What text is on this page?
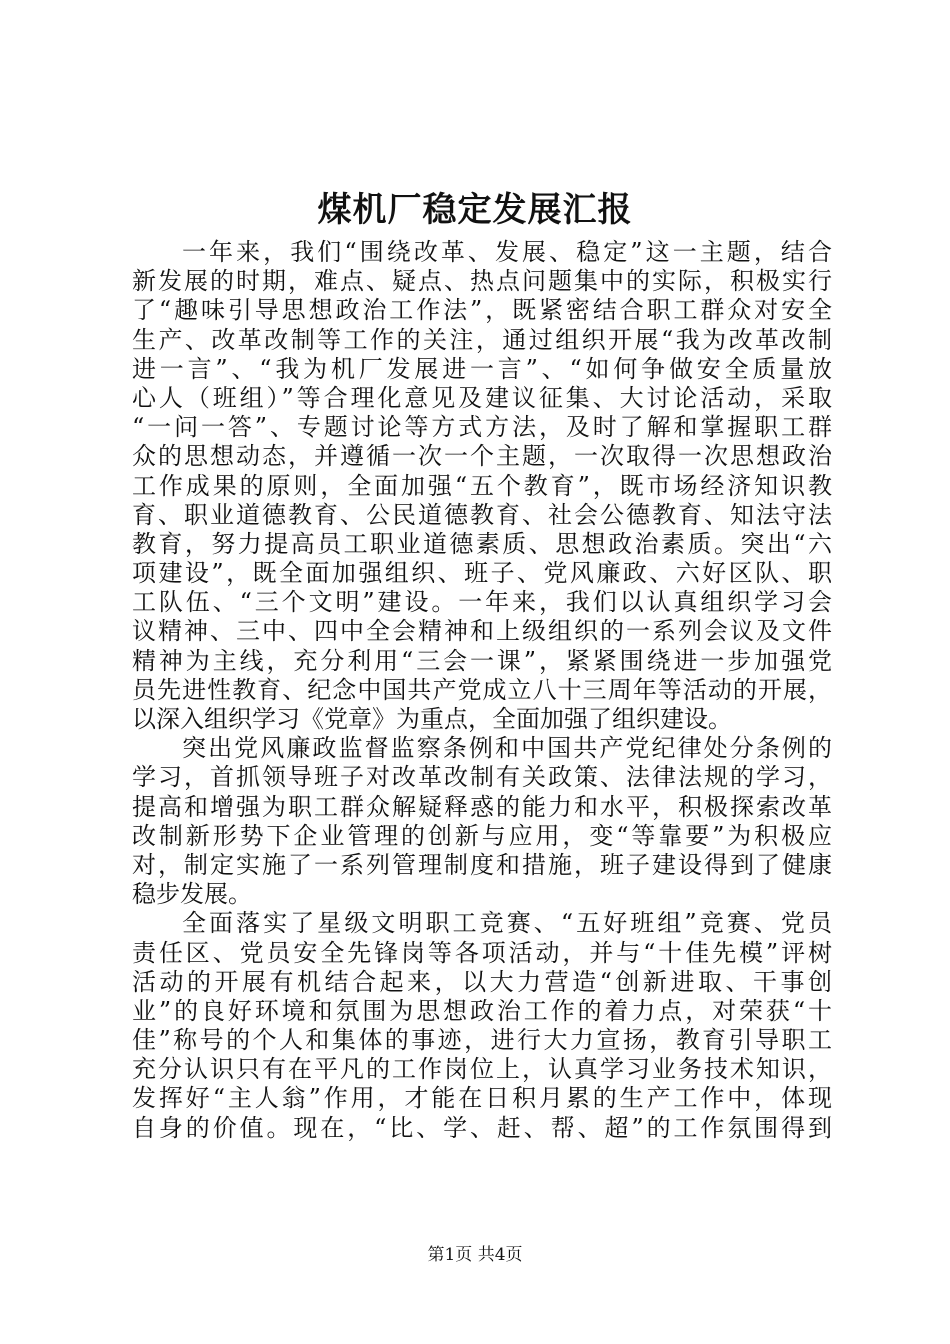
煤机厂稳定发展汇报
一年来，我们“围绕改革、发展、稳定”这一主题，结合
新发展的时期，难点、疑点、热点问题集中的实际，积极实行
了“趣味引导思想政治工作法”，既紧密结合职工群众对安全
生产、改革改制等工作的关注，通过组织开展“我为改革改制
进一言”、“我为机厂发展进一言”、“如何争做安全质量放
心人（班组）”等合理化意见及建议征集、大讨论活动，采取
“一问一答”、专题讨论等方式方法，及时了解和掌握职工群
众的思想动态，并遵循一次一个主题，一次取得一次思想政治
工作成果的原则，全面加强“五个教育”，既市场经济知识教
育、职业道德教育、公民道德教育、社会公德教育、知法守法
教育，努力提高员工职业道德素质、思想政治素质。突出“六
项建设”，既全面加强组织、班子、党风廉政、六好区队、职
工队伍、“三个文明”建设。一年来，我们以认真组织学习会
议精神、三中、四中全会精神和上级组织的一系列会议及文件
精神为主线，充分利用“三会一课”，紧紧围绕进一步加强党
员先进性教育、纪念中国共产党成立八十三周年等活动的开展，
以深入组织学习《党章》为重点，全面加强了组织建设。
突出党风廉政监督监察条例和中国共产党纪律处分条例的
学习，首抓领导班子对改革改制有关政策、法律法规的学习，
提高和增强为职工群众解疑释惑的能力和水平，积极探索改革
改制新形势下企业管理的创新与应用，变“等靠要”为积极应
对，制定实施了一系列管理制度和措施，班子建设得到了健康
稳步发展。
全面落实了星级文明职工竞赛、“五好班组”竞赛、党员
责任区、党员安全先锋岗等各项活动，并与“十佳先模”评树
活动的开展有机结合起来，以大力营造“创新进取、干事创
业”的良好环境和氛围为思想政治工作的着力点，对荣获“十
佳”称号的个人和集体的事迹，进行大力宣扬，教育引导职工
充分认识只有在平凡的工作岗位上，认真学习业务技术知识，
发挥好“主人翁”作用，才能在日积月累的生产工作中，体现
自身的价值。现在，“比、学、赶、帮、超”的工作氛围得到
第1页 共4页
